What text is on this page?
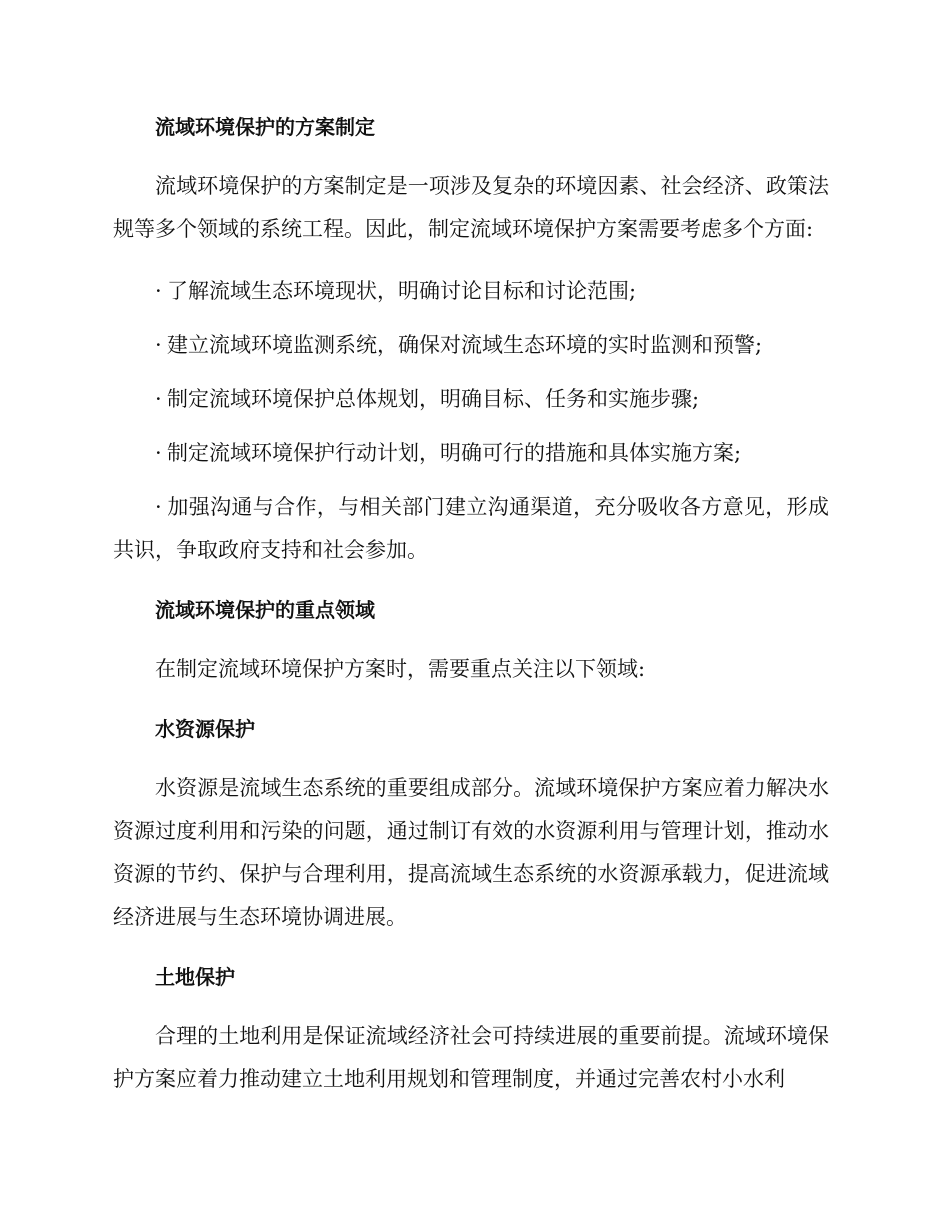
流域环境保护的方案制定

流域环境保护的方案制定是一项涉及复杂的环境因素、社会经济、政策法规等多个领域的系统工程。因此，制定流域环境保护方案需要考虑多个方面:

· 了解流域生态环境现状，明确讨论目标和讨论范围;

· 建立流域环境监测系统，确保对流域生态环境的实时监测和预警;

· 制定流域环境保护总体规划，明确目标、任务和实施步骤;

· 制定流域环境保护行动计划，明确可行的措施和具体实施方案;

· 加强沟通与合作，与相关部门建立沟通渠道，充分吸收各方意见，形成共识，争取政府支持和社会参加。

流域环境保护的重点领域

在制定流域环境保护方案时，需要重点关注以下领域:

水资源保护

水资源是流域生态系统的重要组成部分。流域环境保护方案应着力解决水资源过度利用和污染的问题，通过制订有效的水资源利用与管理计划，推动水资源的节约、保护与合理利用，提高流域生态系统的水资源承载力，促进流域经济进展与生态环境协调进展。

土地保护

合理的土地利用是保证流域经济社会可持续进展的重要前提。流域环境保护方案应着力推动建立土地利用规划和管理制度，并通过完善农村小水利
